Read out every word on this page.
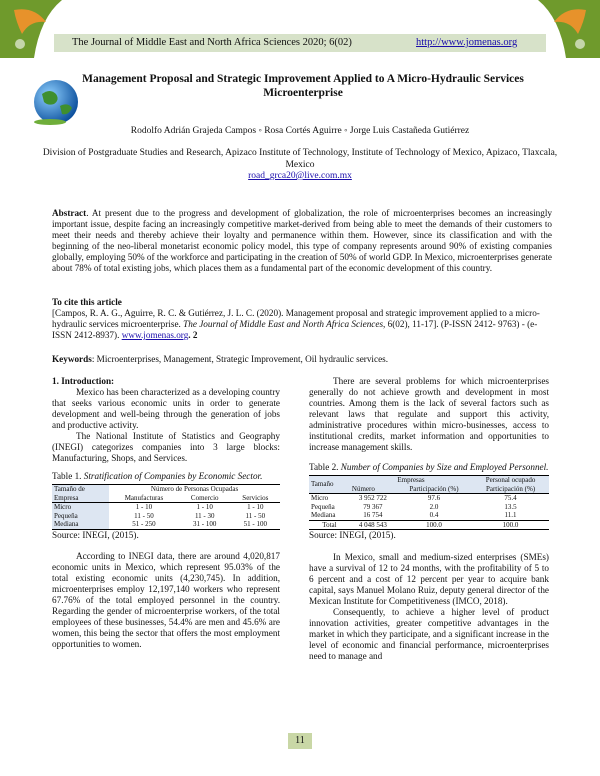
The Journal of Middle East and North Africa Sciences 2020; 6(02)	http://www.jomenas.org
Management Proposal and Strategic Improvement Applied to A Micro-Hydraulic Services Microenterprise
Rodolfo Adrián Grajeda Campos ◦ Rosa Cortés Aguirre ◦ Jorge Luis Castañeda Gutiérrez
Division of Postgraduate Studies and Research, Apizaco Institute of Technology, Institute of Technology of Mexico, Apizaco, Tlaxcala, Mexico
road_grca20@live.com.mx
Abstract. At present due to the progress and development of globalization, the role of microenterprises becomes an increasingly important issue, despite facing an increasingly competitive market-derived from being able to meet the demands of their customers to meet their needs and thereby achieve their loyalty and permanence within them. However, since its classification and with the beginning of the neo-liberal monetarist economic policy model, this type of company represents around 90% of existing companies globally, employing 50% of the workforce and participating in the creation of 50% of world GDP. In Mexico, microenterprises generate about 78% of total existing jobs, which places them as a fundamental part of the economic development of this country.
To cite this article
[Campos, R. A. G., Aguirre, R. C. & Gutiérrez, J. L. C. (2020). Management proposal and strategic improvement applied to a micro-hydraulic services microenterprise. The Journal of Middle East and North Africa Sciences, 6(02), 11-17]. (P-ISSN 2412- 9763) - (e-ISSN 2412-8937). www.jomenas.org. 2
Keywords: Microenterprises, Management, Strategic Improvement, Oil hydraulic services.
1. Introduction:

Mexico has been characterized as a developing country that seeks various economic units in order to generate development and well-being through the generation of jobs and productive activity.

The National Institute of Statistics and Geography (INEGI) categorizes companies into 3 large blocks: Manufacturing, Shops, and Services.

Table 1. Stratification of Companies by Economic Sector.
Tamaño de	Número de Personas Ocupadas		
Empresa	Manufacturas	Comercio	Servicios
Micro	1 - 10	1 - 10	1 - 10
Pequeña	11 - 50	11 - 30	11 - 50
Mediana	51 - 250	31 - 100	51 - 100
Source: INEGI, (2015).

According to INEGI data, there are around 4,020,817 economic units in Mexico, which represent 95.03% of the total existing economic units (4,230,745). In addition, microenterprises employ 12,197,140 workers who represent 67.76% of the total employed personnel in the country. Regarding the gender of microenterprise workers, of the total employees of these businesses, 54.4% are men and 45.6% are women, this being the sector that offers the most employment opportunities to women.

There are several problems for which microenterprises generally do not achieve growth and development in most countries. Among them is the lack of several factors such as relevant laws that regulate and support this activity, administrative procedures within micro-businesses, access to institutional credits, market information and opportunities to increase management skills.

Table 2. Number of Companies by Size and Employed Personnel.
Tamaño	Empresas		Personal ocupado
	Número	Participación (%)	Participación (%)
Micro	3 952 722	97.6	75.4
Pequeña	79 367	2.0	13.5
Mediana	16 754	0.4	11.1
Total	4 048 543	100.0	100.0
Source: INEGI, (2015).

In Mexico, small and medium-sized enterprises (SMEs) have a survival of 12 to 24 months, with the profitability of 5 to 6 percent and a cost of 12 percent per year to acquire bank capital, says Manuel Molano Ruiz, deputy general director of the Mexican Institute for Competitiveness (IMCO, 2018).

Consequently, to achieve a higher level of product innovation activities, greater competitive advantages in the market in which they participate, and a significant increase in the level of economic and financial performance, microenterprises need to manage and

11
